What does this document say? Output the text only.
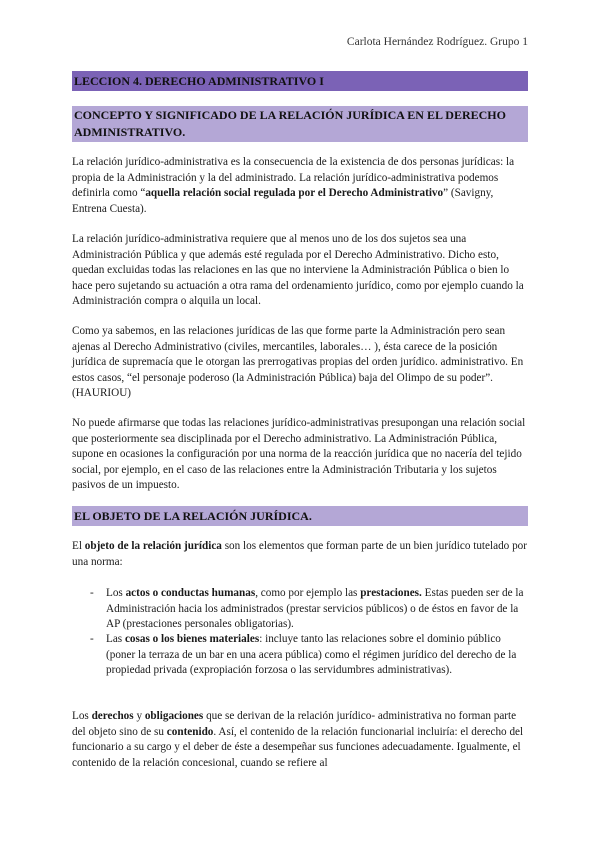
Carlota Hernández Rodríguez. Grupo 1
LECCION 4. DERECHO ADMINISTRATIVO I
CONCEPTO Y SIGNIFICADO DE LA RELACIÓN JURÍDICA EN EL DERECHO ADMINISTRATIVO.

La relación jurídico-administrativa es la consecuencia de la existencia de dos personas jurídicas: la propia de la Administración y la del administrado. La relación jurídico-administrativa podemos definirla como “aquella relación social regulada por el Derecho Administrativo” (Savigny, Entrena Cuesta).

La relación jurídico-administrativa requiere que al menos uno de los dos sujetos sea una Administración Pública y que además esté regulada por el Derecho Administrativo. Dicho esto, quedan excluidas todas las relaciones en las que no interviene la Administración Pública o bien lo hace pero sujetando su actuación a otra rama del ordenamiento jurídico, como por ejemplo cuando la Administración compra o alquila un local.

Como ya sabemos, en las relaciones jurídicas de las que forme parte la Administración pero sean ajenas al Derecho Administrativo (civiles, mercantiles, laborales… ), ésta carece de la posición jurídica de supremacía que le otorgan las prerrogativas propias del orden jurídico. administrativo. En estos casos, “el personaje poderoso (la Administración Pública) baja del Olimpo de su poder”. (HAURIOU)

No puede afirmarse que todas las relaciones jurídico-administrativas presupongan una relación social que posteriormente sea disciplinada por el Derecho administrativo. La Administración Pública, supone en ocasiones la configuración por una norma de la reacción jurídica que no nacería del tejido social, por ejemplo, en el caso de las relaciones entre la Administración Tributaria y los sujetos pasivos de un impuesto.

EL OBJETO DE LA RELACIÓN JURÍDICA.

El objeto de la relación jurídica son los elementos que forman parte de un bien jurídico tutelado por una norma:

- Los actos o conductas humanas, como por ejemplo las prestaciones. Estas pueden ser de la Administración hacia los administrados (prestar servicios públicos) o de éstos en favor de la AP (prestaciones personales obligatorias).

- Las cosas o los bienes materiales: incluye tanto las relaciones sobre el dominio público (poner la terraza de un bar en una acera pública) como el régimen jurídico del derecho de la propiedad privada (expropiación forzosa o las servidumbres administrativas).

Los derechos y obligaciones que se derivan de la relación jurídico- administrativa no forman parte del objeto sino de su contenido. Así, el contenido de la relación funcionarial incluiría: el derecho del funcionario a su cargo y el deber de éste a desempeñar sus funciones adecuadamente. Igualmente, el contenido de la relación concesional, cuando se refiere al
